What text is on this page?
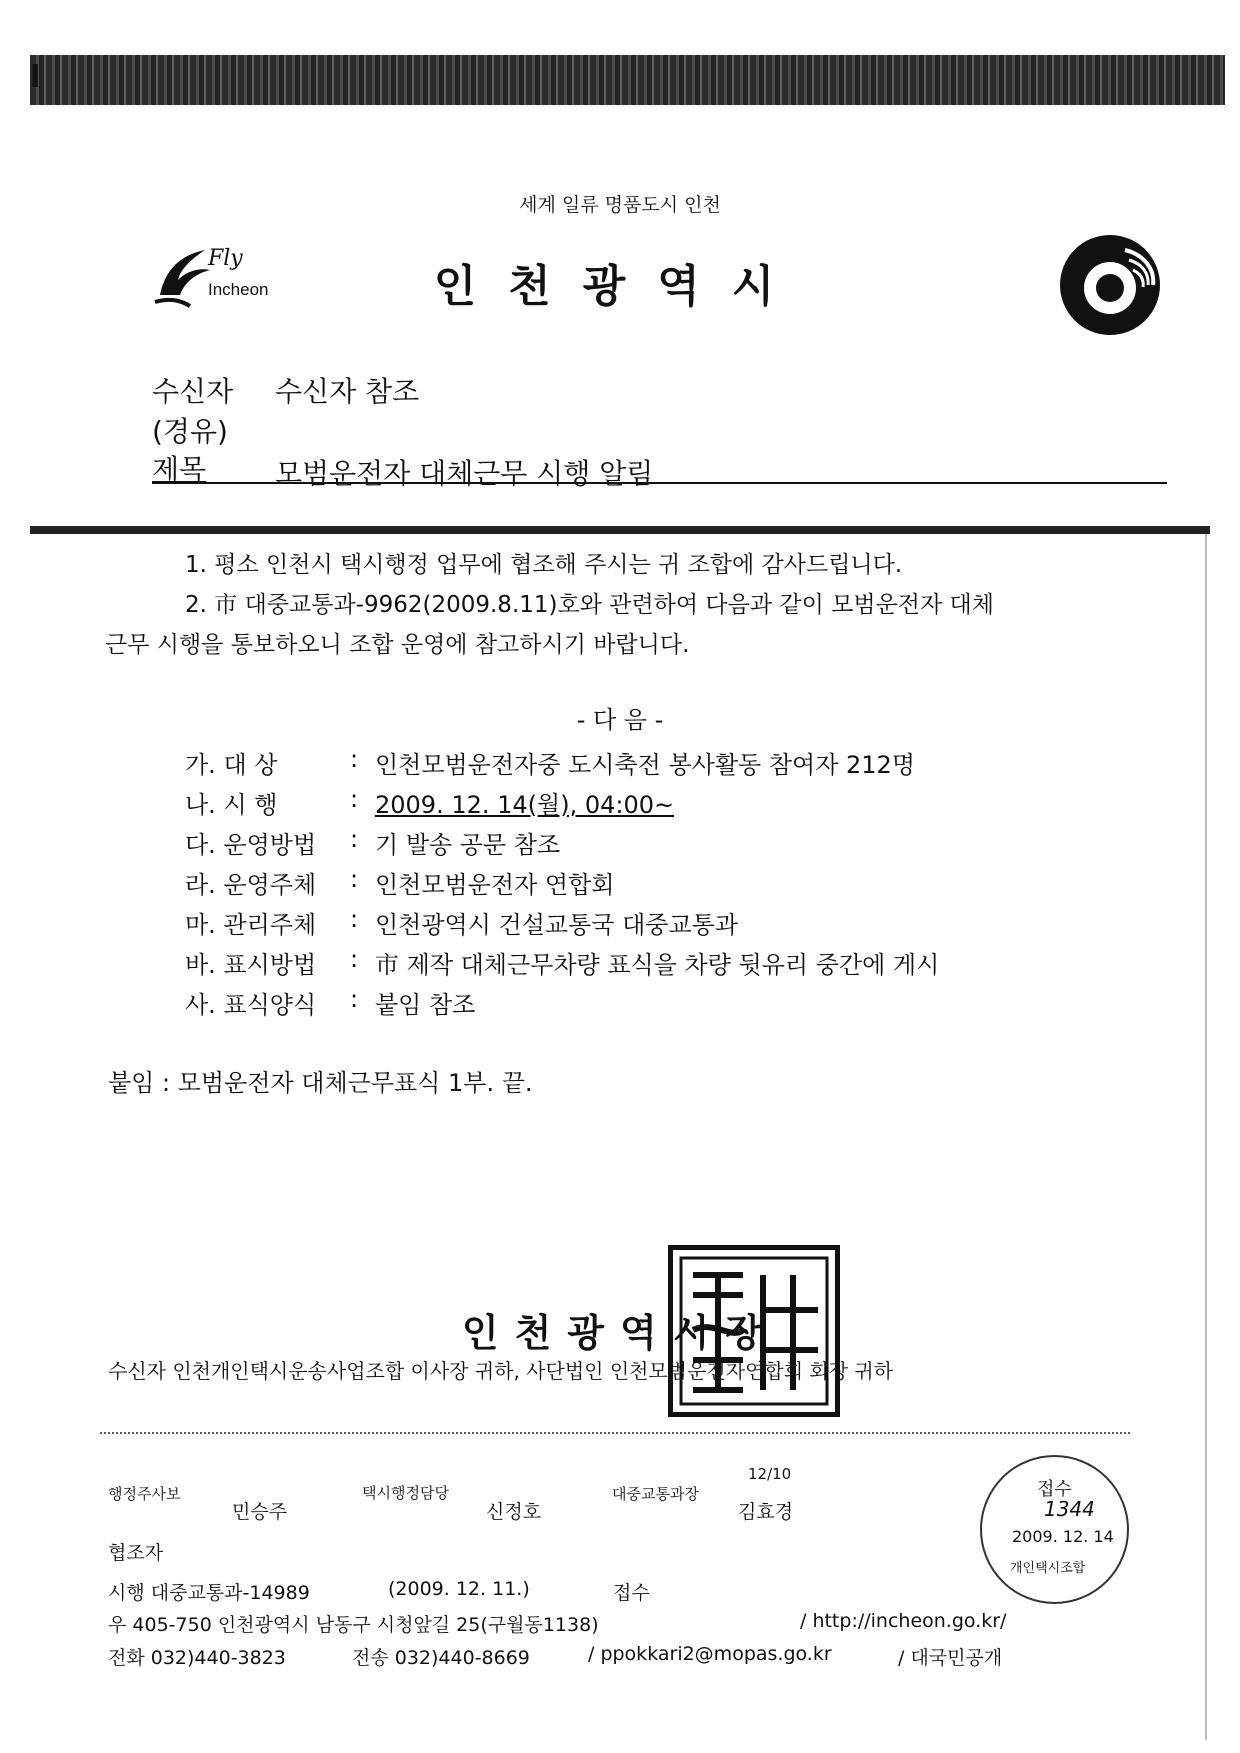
l
세계 일류 명품도시 인천
Fly
Incheon	인천광역시
수신자 수신자 참조
(경유)
제목 모범운전자 대체근무 시행 알림
1. 평소 인천시 택시행정 업무에 협조해 주시는 귀 조합에 감사드립니다.
2. 市 대중교통과-9962(2009.8.11)호와 관련하여 다음과 같이 모범운전자 대체
근무 시행을 통보하오니 조합 운영에 참고하시기 바랍니다.
- 다 음 -
가. 대 상	: 인천모범운전자중 도시축전 봉사활동 참여자 212명
나. 시 행	: 2009. 12. 14(월), 04:00~
다. 운영방법 : 기 발송 공문 참조
라. 운영주체 : 인천모범운전자 연합회
마. 관리주체 : 인천광역시 건설교통국 대중교통과
바. 표시방법 : 市 제작 대체근무차량 표식을 차량 뒷유리 중간에 게시
사. 표식양식 : 붙임 참조
붙임 : 모범운전자 대체근무표식 1부. 끝.
인천광역시장
수신자 인천개인택시운송사업조합 이사장 귀하, 사단법인 인천모범운전자연합회 회장 귀하
행정주사보
민승주
택시행정담당
신정호
대중교통과장
12/10
김효경
협조자
시행 대중교통과-14989	(2009. 12. 11.)	접수
우 405-750 인천광역시 남동구 시청앞길 25(구월동1138)	/ http://incheon.go.kr/
전화 032)440-3823	전송 032)440-8669	/ ppokkari2@mopas.go.kr	/ 대국민공개
접수
1344
2009. 12. 14
개인택시조합
